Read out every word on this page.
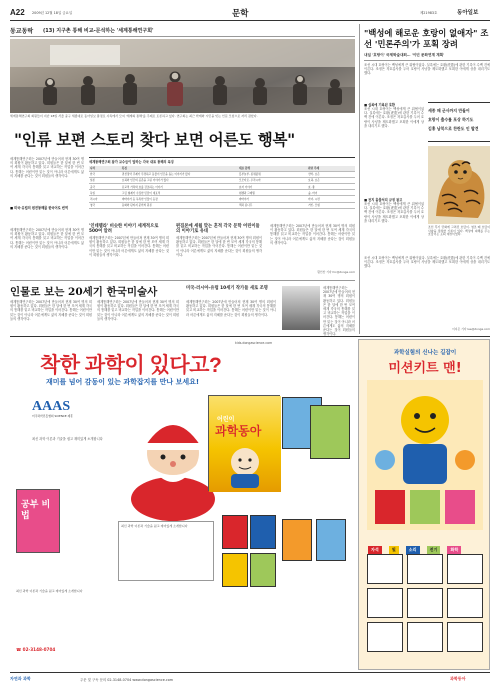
A22 2009년 12월 18일 금요일	문학	제21983호	동아일보
동교동락 (13) 지구촌 통해 비교-문석하는 '세계통해연구회'
세계통해연구회 회원들이 지난 18일 서울 중구 세종대로 동아일보 충정로 사옥에서 모여 '세계의 통해'를 주제로 토론하고 있다. 연구회는 최근 학계와 시민을 잇는 인문 모임으로 자리 잡았다.
"인류 보편 스토리 찾다 보면 어른도 행복"
세계통해연구회는 2007년에 만들어져 현재 30여 명의 회원이 활동하고 있다. 회원들은 한 달에 한 번 모여 세계 각국의 통해를 읽고 비교하는 작업을 이어간다. 통해는 어린이만 읽는 것이 아니라 어른에게도 삶의 지혜를 준다는 것이 회원들의 생각이다.
세계통해연구회는 2007년에 만들어져 현재 30여 명의 회원이 활동하고 있다. 회원들은 한 달에 한 번 모여 세계 각국의 통해를 읽고 비교하는 작업을 이어간다. 통해는 어린이만 읽는 것이 아니라 어른에게도 삶의 지혜를 준다는 것이 회원들의 생각이다.
■ 미국·유럽의 원전통해를 한국어로 번역
세계통해연구회 참가 교수들이 말하는 각국 대표 통해의 특징
나라	특징	대표 통해	관련 주제
한국	권선징악 주제가 뚜렷하고 동물이 인간을 돕는 이야기가 많다	흥부놀부, 콩쥐팥쥐	선악, 보은
일본	요괴와 인간의 공존을 그린 이야기가 많다	모모타로, 우라시마	요괴, 보은
중국	유교적 가치와 효를 강조하는 이야기	효자 이야기	효, 충
독일	그림 형제가 수집한 민담이 대표적	헨젤과 그레텔	숲, 마녀
러시아	바바야가 등 독특한 인물이 등장	바바야가	마녀, 시련
영국	동화와 판타지 문학의 원류	잭과 콩나무	거인, 모험
'인데렐라' 비슷한 이야기 세계적으로 500여 알려
편집본에 세월 맞는 흔적 각국 문학 어린이들의 이야기로 유대
세계통해연구회는 2007년에 만들어져 현재 30여 명의 회원이 활동하고 있다. 회원들은 한 달에 한 번 모여 세계 각국의 통해를 읽고 비교하는 작업을 이어간다. 통해는 어린이만 읽는 것이 아니라 어른에게도 삶의 지혜를 준다는 것이 회원들의 생각이다.
세계통해연구회는 2007년에 만들어져 현재 30여 명의 회원이 활동하고 있다. 회원들은 한 달에 한 번 모여 세계 각국의 통해를 읽고 비교하는 작업을 이어간다. 통해는 어린이만 읽는 것이 아니라 어른에게도 삶의 지혜를 준다는 것이 회원들의 생각이다.
세계통해연구회는 2007년에 만들어져 현재 30여 명의 회원이 활동하고 있다. 회원들은 한 달에 한 번 모여 세계 각국의 통해를 읽고 비교하는 작업을 이어간다. 통해는 어린이만 읽는 것이 아니라 어른에게도 삶의 지혜를 준다는 것이 회원들의 생각이다.
황인찬 기자 hic@donga.com
인물로 보는 20세기 한국미술사	미국-러시아-유럽 10세기 작가들 새로 조명
세계통해연구회는 2007년에 만들어져 현재 30여 명의 회원이 활동하고 있다. 회원들은 한 달에 한 번 모여 세계 각국의 통해를 읽고 비교하는 작업을 이어간다. 통해는 어린이만 읽는 것이 아니라 어른에게도 삶의 지혜를 준다는 것이 회원들의 생각이다.
세계통해연구회는 2007년에 만들어져 현재 30여 명의 회원이 활동하고 있다. 회원들은 한 달에 한 번 모여 세계 각국의 통해를 읽고 비교하는 작업을 이어간다. 통해는 어린이만 읽는 것이 아니라 어른에게도 삶의 지혜를 준다는 것이 회원들의 생각이다.
세계통해연구회는 2007년에 만들어져 현재 30여 명의 회원이 활동하고 있다. 회원들은 한 달에 한 번 모여 세계 각국의 통해를 읽고 비교하는 작업을 이어간다. 통해는 어린이만 읽는 것이 아니라 어른에게도 삶의 지혜를 준다는 것이 회원들의 생각이다.
세계통해연구회는 2007년에 만들어져 현재 30여 명의 회원이 활동하고 있다. 회원들은 한 달에 한 번 모여 세계 각국의 통해를 읽고 비교하는 작업을 이어간다. 통해는 어린이만 읽는 것이 아니라 어른에게도 삶의 지혜를 준다는 것이 회원들의 생각이다.
"백성에 해로운 호랑이 없애자" 조선 '민론주의'가 포획 장려
내일 '호랑이' 국제학술대회… '이민 문화연계 계획'
조선 시대 호랑이는 백성에게 큰 위협이었다. 실록에는 호환(虎患)에 관한 기록이 수백 건에 이른다. 조정은 착호갑사를 두어 호랑이 사냥을 제도화했고 포획한 이에게 상을 내리기도 했다.
■ 실록에 기록된 호환
조선 시대 호랑이는 백성에게 큰 위협이었다. 실록에는 호환(虎患)에 관한 기록이 수백 건에 이른다. 조정은 착호갑사를 두어 호랑이 사냥을 제도화했고 포획한 이에게 상을 내리기도 했다.
세종 때 군사까지 만들어
호랑이 출수를 포상 하기도
김홍 남북으로 찬란도 인 발견
조선 후기 민화에 그려진 호랑이. 영조 때 호랑이 사냥을 장려한 기록이 있다. 백성에 피해를 주는 호랑이는 포획 대상이었다.
■ 천지 흉물처리 규정 참고
조선 시대 호랑이는 백성에게 큰 위협이었다. 실록에는 호환(虎患)에 관한 기록이 수백 건에 이른다. 조정은 착호갑사를 두어 호랑이 사냥을 제도화했고 포획한 이에게 상을 내리기도 했다.
조선 시대 호랑이는 백성에게 큰 위협이었다. 실록에는 호환(虎患)에 관한 기록이 수백 건에 이른다. 조정은 착호갑사를 두어 호랑이 사냥을 제도화했고 포획한 이에게 상을 내리기도 했다.
이지은 기자 lee@donga.com
kids.dongascience.com
착한 과학이 있다고?
재미를 넘어 감동이 있는 과학잡지를 만나 보세요!
AAAS
미국과학진흥협회 SCIENCE 제휴
최신 과학 이론과 기술을 쉽고 재미있게 소개합니다
어린이
과학동아
최신 과학 이론과 기술을 쉽고 재미있게 소개합니다
공부 비법
최신 과학 이론과 기술을 쉽고 재미있게 소개합니다
☎ 02-3148-0704
과학실험의 신나는 길잡이
미션키트 맨!
자석	빛	소리	전기	화학
자연과 과학	주문 및 구독 문의 02-3148-0704 www.dongascience.com	과학동아
